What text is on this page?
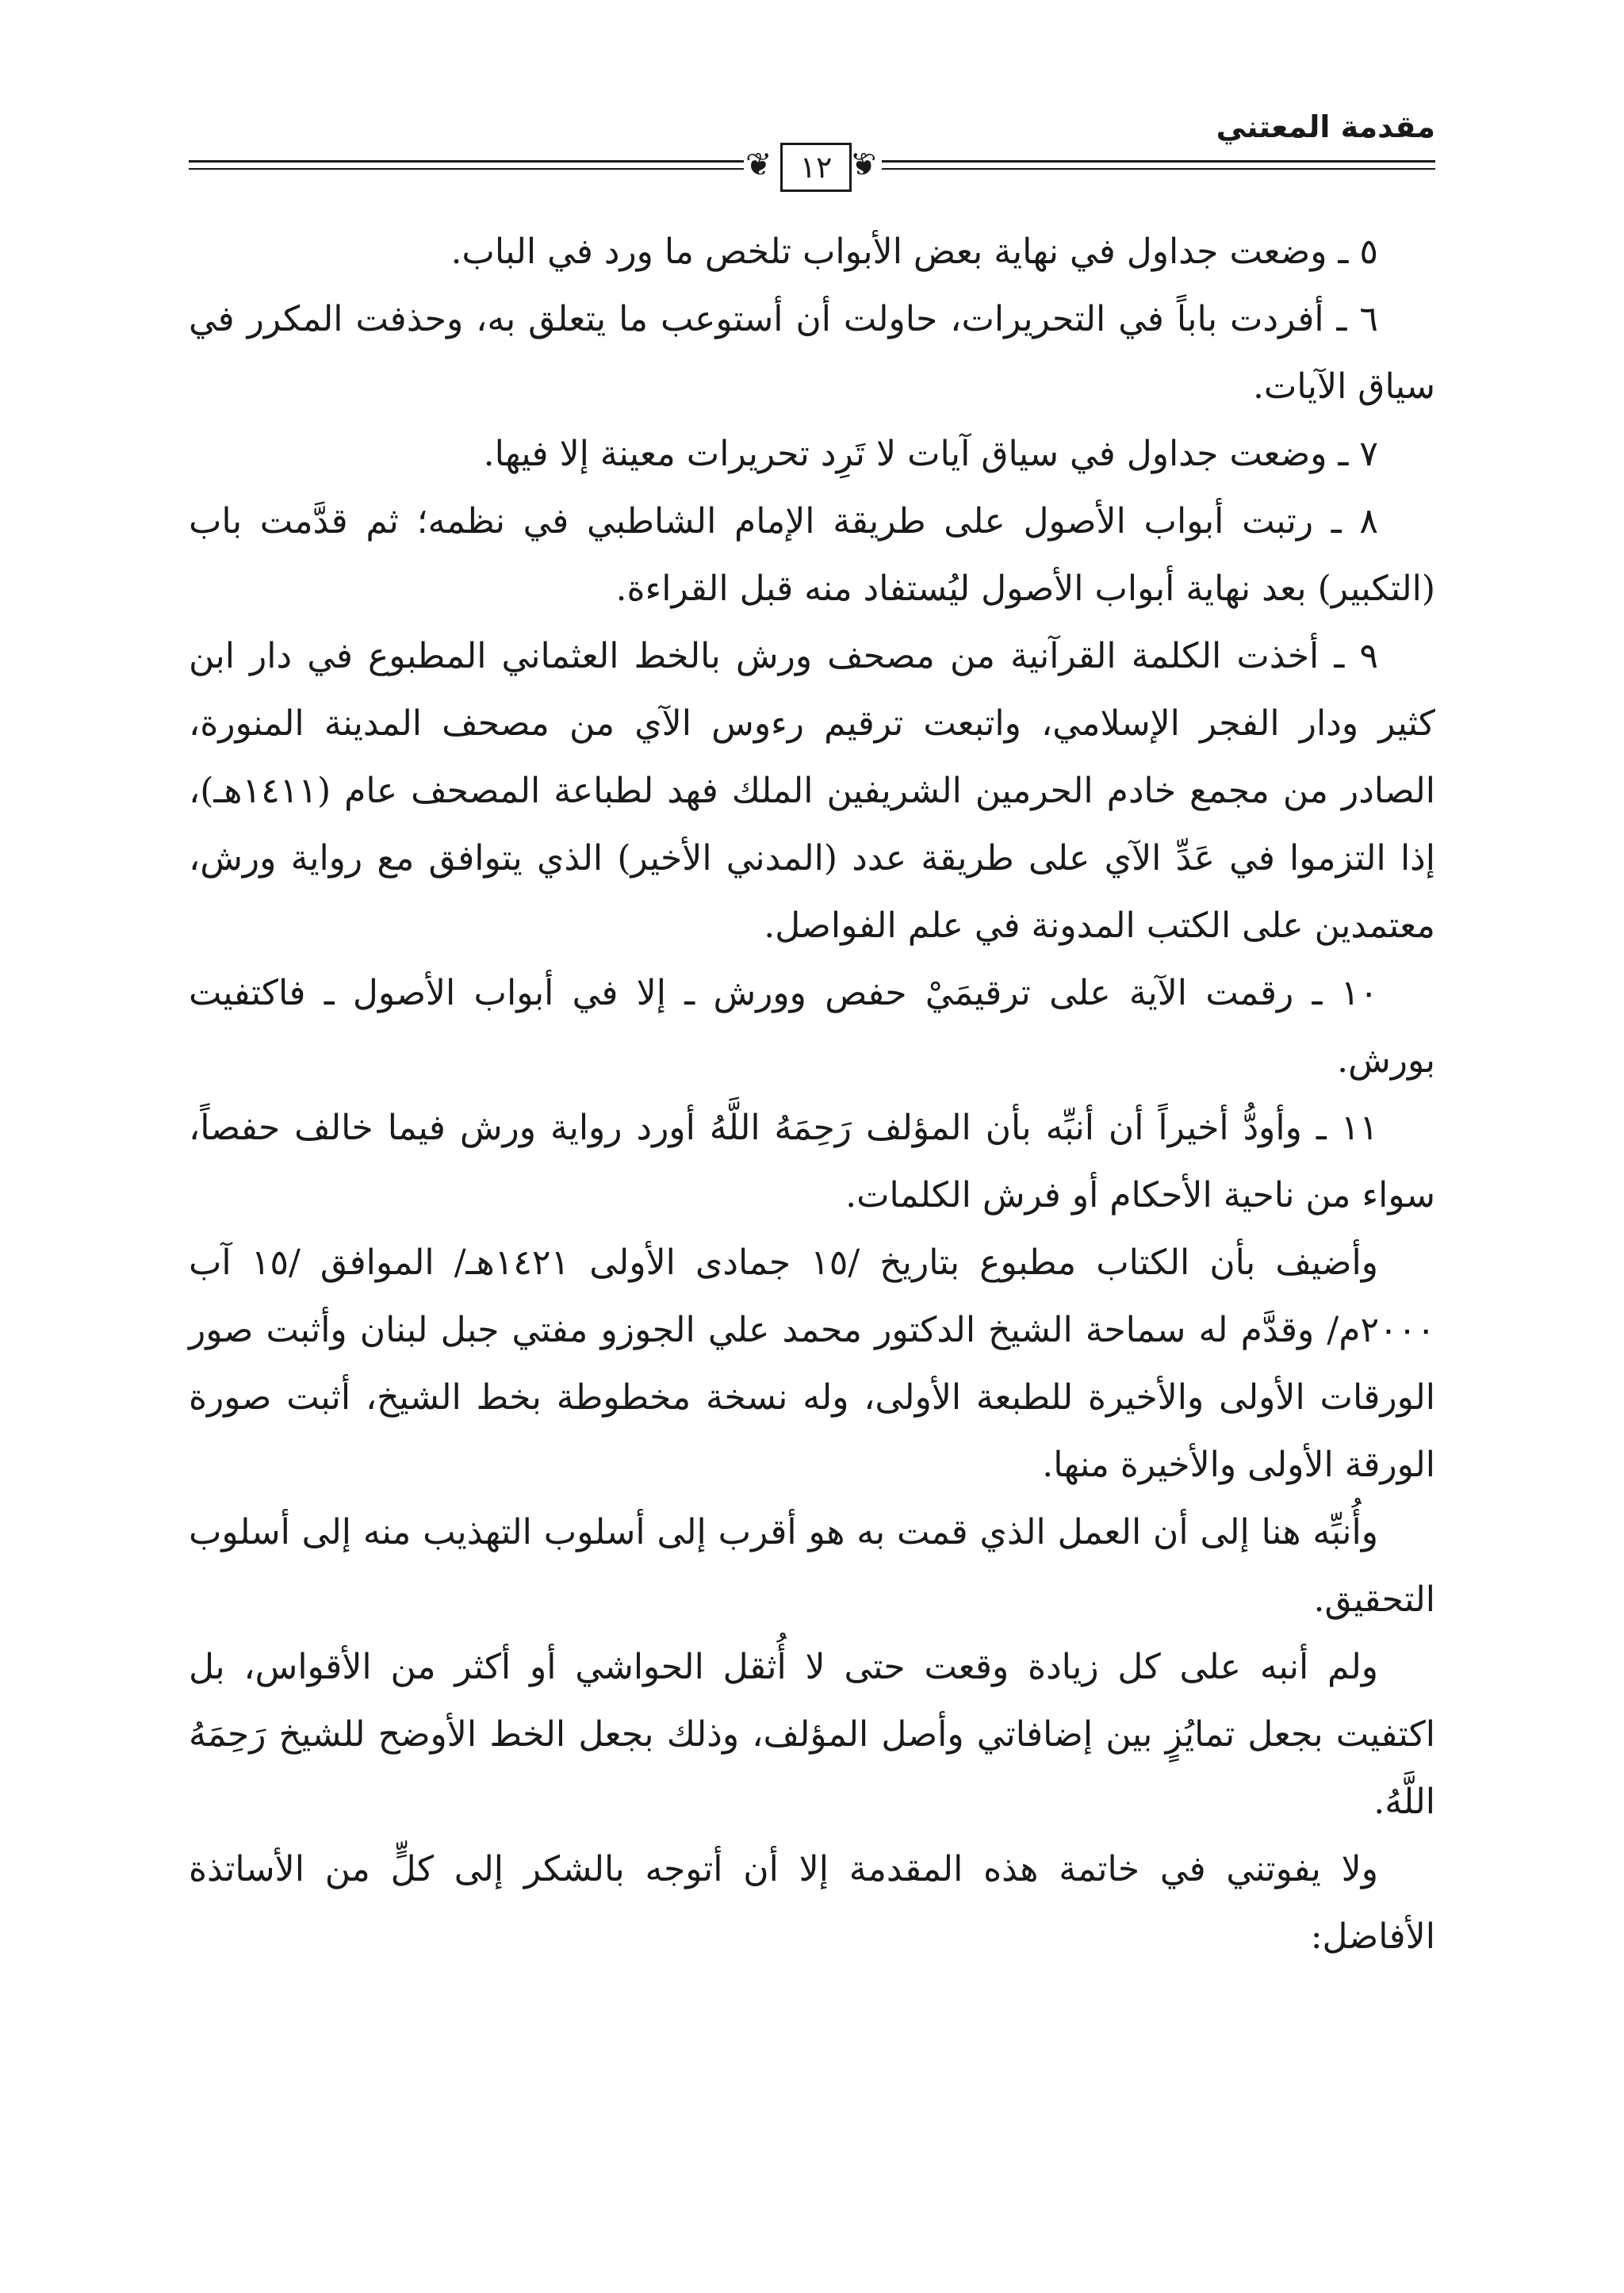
مقدمة المعتني
❦ ١٢ ❦

٥ ـ وضعت جداول في نهاية بعض الأبواب تلخص ما ورد في الباب.

٦ ـ أفردت باباً في التحريرات، حاولت أن أستوعب ما يتعلق به، وحذفت المكرر في سياق الآيات.

٧ ـ وضعت جداول في سياق آيات لا تَرِد تحريرات معينة إلا فيها.

٨ ـ رتبت أبواب الأصول على طريقة الإمام الشاطبي في نظمه؛ ثم قدَّمت باب (التكبير) بعد نهاية أبواب الأصول ليُستفاد منه قبل القراءة.

٩ ـ أخذت الكلمة القرآنية من مصحف ورش بالخط العثماني المطبوع في دار ابن كثير ودار الفجر الإسلامي، واتبعت ترقيم رءوس الآي من مصحف المدينة المنورة، الصادر من مجمع خادم الحرمين الشريفين الملك فهد لطباعة المصحف عام (١٤١١هـ)، إذا التزموا في عَدِّ الآي على طريقة عدد (المدني الأخير) الذي يتوافق مع رواية ورش، معتمدين على الكتب المدونة في علم الفواصل.

١٠ ـ رقمت الآية على ترقيمَيْ حفص وورش ـ إلا في أبواب الأصول ـ فاكتفيت بورش.

١١ ـ وأودُّ أخيراً أن أنبِّه بأن المؤلف رَحِمَهُ اللَّهُ أورد رواية ورش فيما خالف حفصاً، سواء من ناحية الأحكام أو فرش الكلمات.

وأضيف بأن الكتاب مطبوع بتاريخ /١٥ جمادى الأولى ١٤٢١هـ/ الموافق /١٥ آب ٢٠٠٠م/ وقدَّم له سماحة الشيخ الدكتور محمد علي الجوزو مفتي جبل لبنان وأثبت صور الورقات الأولى والأخيرة للطبعة الأولى، وله نسخة مخطوطة بخط الشيخ، أثبت صورة الورقة الأولى والأخيرة منها.

وأُنبِّه هنا إلى أن العمل الذي قمت به هو أقرب إلى أسلوب التهذيب منه إلى أسلوب التحقيق.

ولم أنبه على كل زيادة وقعت حتى لا أُثقل الحواشي أو أكثر من الأقواس، بل اكتفيت بجعل تمايُزٍ بين إضافاتي وأصل المؤلف، وذلك بجعل الخط الأوضح للشيخ رَحِمَهُ اللَّهُ.

ولا يفوتني في خاتمة هذه المقدمة إلا أن أتوجه بالشكر إلى كلٍّ من الأساتذة الأفاضل:
